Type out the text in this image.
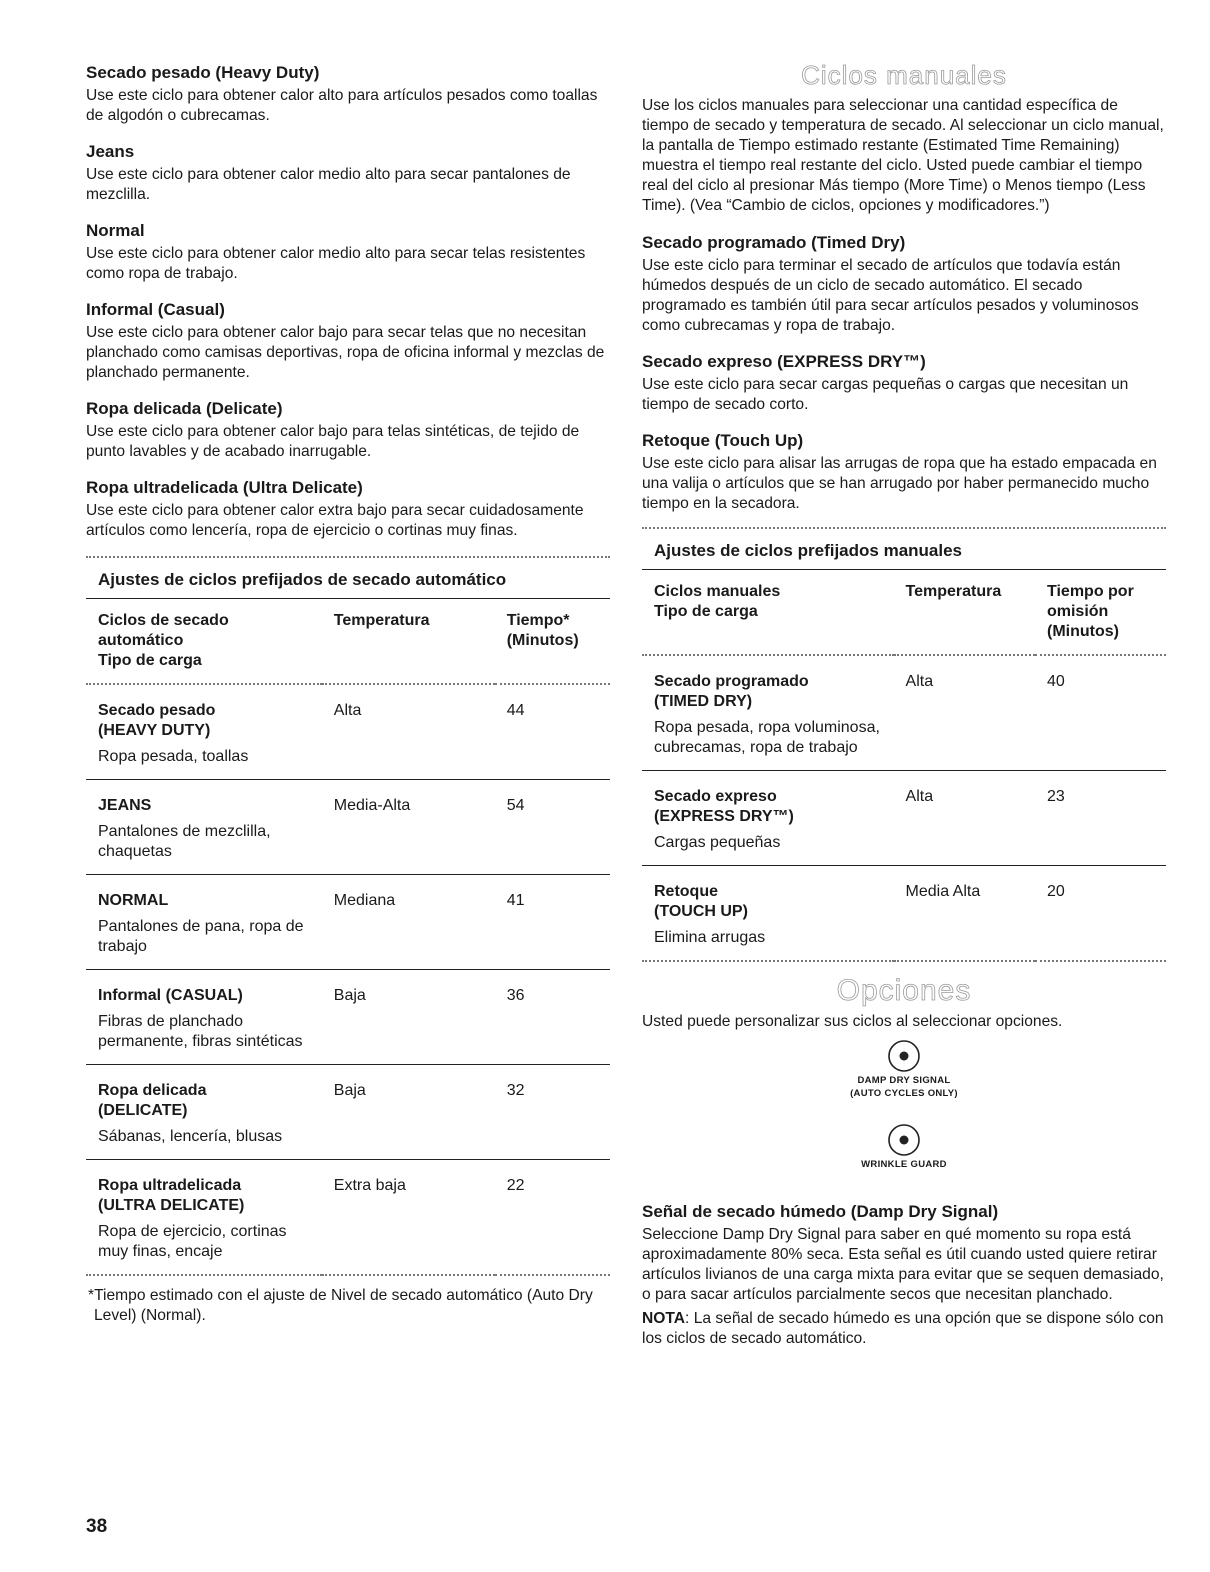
Secado pesado (Heavy Duty)

Use este ciclo para obtener calor alto para artículos pesados como toallas de algodón o cubrecamas.

Jeans

Use este ciclo para obtener calor medio alto para secar pantalones de mezclilla.

Normal

Use este ciclo para obtener calor medio alto para secar telas resistentes como ropa de trabajo.

Informal (Casual)

Use este ciclo para obtener calor bajo para secar telas que no necesitan planchado como camisas deportivas, ropa de oficina informal y mezclas de planchado permanente.

Ropa delicada (Delicate)

Use este ciclo para obtener calor bajo para telas sintéticas, de tejido de punto lavables y de acabado inarrugable.

Ropa ultradelicada (Ultra Delicate)

Use este ciclo para obtener calor extra bajo para secar cuidadosamente artículos como lencería, ropa de ejercicio o cortinas muy finas.

Ajustes de ciclos prefijados de secado automático
Ciclos de secado
automático
Tipo de carga	Temperatura	Tiempo*
(Minutos)

Secado pesado
(HEAVY DUTY)
Ropa pesada, toallas	Alta	44

JEANS
Pantalones de mezclilla, chaquetas	Media-Alta	54

NORMAL
Pantalones de pana, ropa de trabajo	Mediana	41

Informal (CASUAL)
Fibras de planchado permanente, fibras sintéticas	Baja	36

Ropa delicada
(DELICATE)
Sábanas, lencería, blusas	Baja	32

Ropa ultradelicada
(ULTRA DELICATE)
Ropa de ejercicio, cortinas muy finas, encaje	Extra baja	22
*Tiempo estimado con el ajuste de Nivel de secado automático (Auto Dry Level) (Normal).
Ciclos manuales

Use los ciclos manuales para seleccionar una cantidad específica de tiempo de secado y temperatura de secado. Al seleccionar un ciclo manual, la pantalla de Tiempo estimado restante (Estimated Time Remaining) muestra el tiempo real restante del ciclo. Usted puede cambiar el tiempo real del ciclo al presionar Más tiempo (More Time) o Menos tiempo (Less Time). (Vea “Cambio de ciclos, opciones y modificadores.”)

Secado programado (Timed Dry)

Use este ciclo para terminar el secado de artículos que todavía están húmedos después de un ciclo de secado automático. El secado programado es también útil para secar artículos pesados y voluminosos como cubrecamas y ropa de trabajo.

Secado expreso (EXPRESS DRY™)

Use este ciclo para secar cargas pequeñas o cargas que necesitan un tiempo de secado corto.

Retoque (Touch Up)

Use este ciclo para alisar las arrugas de ropa que ha estado empacada en una valija o artículos que se han arrugado por haber permanecido mucho tiempo en la secadora.

Ajustes de ciclos prefijados manuales
Ciclos manuales
Tipo de carga	Temperatura	Tiempo por
omisión
(Minutos)

Secado programado
(TIMED DRY)
Ropa pesada, ropa voluminosa, cubrecamas, ropa de trabajo	Alta	40

Secado expreso
(EXPRESS DRY™)
Cargas pequeñas	Alta	23

Retoque
(TOUCH UP)
Elimina arrugas	Media Alta	20
Opciones

Usted puede personalizar sus ciclos al seleccionar opciones.

DAMP DRY SIGNAL
(AUTO CYCLES ONLY)
WRINKLE GUARD
Señal de secado húmedo (Damp Dry Signal)

Seleccione Damp Dry Signal para saber en qué momento su ropa está aproximadamente 80% seca. Esta señal es útil cuando usted quiere retirar artículos livianos de una carga mixta para evitar que se sequen demasiado, o para sacar artículos parcialmente secos que necesitan planchado.

NOTA: La señal de secado húmedo es una opción que se dispone sólo con los ciclos de secado automático.

38
